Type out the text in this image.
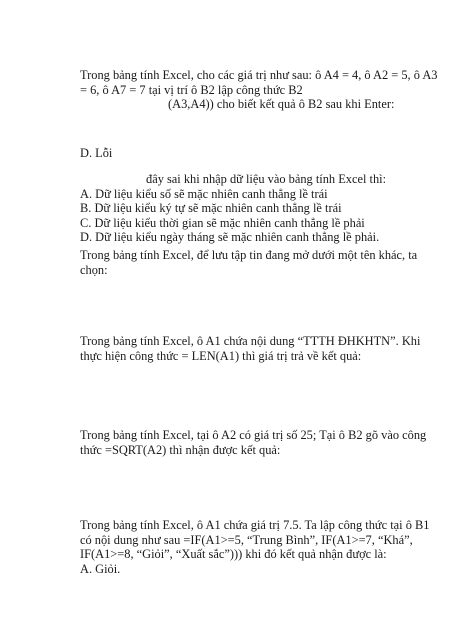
Trong bảng tính Excel, cho các giá trị như sau: ô A4 = 4, ô A2 = 5, ô A3
= 6, ô A7 = 7 tại vị trí ô B2 lập công thức B2
(A3,A4)) cho biết kết quả ô B2 sau khi Enter:
D. Lỗi
đây sai khi nhập dữ liệu vào bảng tính Excel thì:
A. Dữ liệu kiểu số sẽ mặc nhiên canh thẳng lề trái
B. Dữ liệu kiểu ký tự sẽ mặc nhiên canh thẳng lề trái
C. Dữ liệu kiểu thời gian sẽ mặc nhiên canh thẳng lề phải
D. Dữ liệu kiểu ngày tháng sẽ mặc nhiên canh thẳng lề phải.
Trong bảng tính Excel, để lưu tập tin đang mở dưới một tên khác, ta
chọn:
Trong bảng tính Excel, ô A1 chứa nội dung “TTTH ĐHKHTN”. Khi
thực hiện công thức = LEN(A1) thì giá trị trả về kết quả:
Trong bảng tính Excel, tại ô A2 có giá trị số 25; Tại ô B2 gõ vào công
thức =SQRT(A2) thì nhận được kết quả:
Trong bảng tính Excel, ô A1 chứa giá trị 7.5. Ta lập công thức tại ô B1
có nội dung như sau =IF(A1>=5, “Trung Bình”, IF(A1>=7, “Khá”,
IF(A1>=8, “Giỏi”, “Xuất sắc”))) khi đó kết quả nhận được là:
A. Giỏi.
